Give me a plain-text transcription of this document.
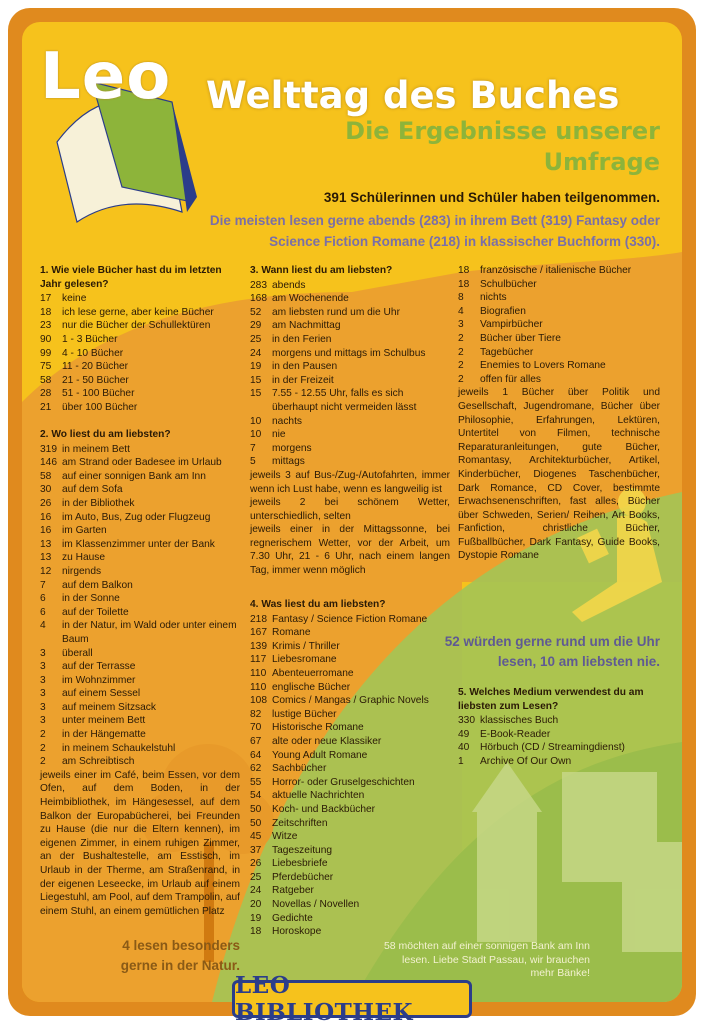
Leo Welttag des Buches
Die Ergebnisse unserer Umfrage
391 Schülerinnen und Schüler haben teilgenommen.
Die meisten lesen gerne abends (283) in ihrem Bett (319) Fantasy oder Science Fiction Romane (218) in klassischer Buchform (330).
1. Wie viele Bücher hast du im letzten Jahr gelesen?
17	keine
18	ich lese gerne, aber keine Bücher
23	nur die Bücher der Schullektüren
90	1 - 3 Bücher
99	4 - 10 Bücher
75	11 - 20 Bücher
58	21 - 50 Bücher
28	51 - 100 Bücher
21	über 100 Bücher
2. Wo liest du am liebsten?
319 in meinem Bett
146 am Strand oder Badesee im Urlaub
58	auf einer sonnigen Bank am Inn
30	auf dem Sofa
26	in der Bibliothek
16	im Auto, Bus, Zug oder Flugzeug
16	im Garten
13	im Klassenzimmer unter der Bank
13	zu Hause
12	nirgends
7	auf dem Balkon
6	in der Sonne
6	auf der Toilette
4	in der Natur, im Wald oder unter einem Baum
3	überall
3	auf der Terrasse
3	im Wohnzimmer
3	auf einem Sessel
3	auf meinem Sitzsack
3	unter meinem Bett
2	in der Hängematte
2	in meinem Schaukelstuhl
2	am Schreibtisch
jeweils einer im Café, beim Essen, vor dem Ofen, auf dem Boden, in der Heimbibliothek, im Hängesessel, auf dem Balkon der Europabücherei, bei Freunden zu Hause (die nur die Eltern kennen), im eigenen Zimmer, in einem ruhigen Zimmer, an der Bushaltestelle, am Esstisch, im Urlaub in der Therme, am Straßenrand, in der eigenen Leseecke, im Urlaub auf einem Liegestuhl, am Pool, auf dem Trampolin, auf einem Stuhl, an einem gemütlichen Platz
3. Wann liest du am liebsten?
283 abends
168 am Wochenende
52	am liebsten rund um die Uhr
29	am Nachmittag
25	in den Ferien
24	morgens und mittags im Schulbus
19	in den Pausen
15	in der Freizeit
15	7.55 - 12.55 Uhr, falls es sich überhaupt nicht vermeiden lässt
10	nachts
10	nie
7	morgens
5	mittags
jeweils 3 auf Bus-/Zug-/Autofahrten, immer wenn ich Lust habe, wenn es langweilig ist
jeweils 2 bei schönem Wetter, unterschiedlich, selten
jeweils einer in der Mittagssonne, bei regnerischem Wetter, vor der Arbeit, um 7.30 Uhr, 21 - 6 Uhr, nach einem langen Tag, immer wenn möglich
4. Was liest du am liebsten?
218 Fantasy / Science Fiction Romane
167 Romane
139 Krimis / Thriller
117 Liebesromane
110 Abenteuerromane
110 englische Bücher
108 Comics / Mangas / Graphic Novels
82	lustige Bücher
70	Historische Romane
67	alte oder neue Klassiker
64	Young Adult Romane
62	Sachbücher
55	Horror- oder Gruselgeschichten
54	aktuelle Nachrichten
50	Koch- und Backbücher
50	Zeitschriften
45	Witze
37	Tageszeitung
26	Liebesbriefe
25	Pferdebücher
24	Ratgeber
20	Novellas / Novellen
19	Gedichte
18	Horoskope
18	französische / italienische Bücher
18	Schulbücher
8	nichts
4	Biografien
3	Vampirbücher
2	Bücher über Tiere
2	Tagebücher
2	Enemies to Lovers Romane
2	offen für alles
jeweils 1 Bücher über Politik und Gesellschaft, Jugendromane, Bücher über Philosophie, Erfahrungen, Lektüren, Untertitel von Filmen, technische Reparaturanleitungen, gute Bücher, Romantasy, Architekturbücher, Artikel, Kinderbücher, Diogenes Taschenbücher, Dark Romance, CD Cover, bestimmte Erwachsenenschriften, fast alles, Bücher über Schweden, Serien/ Reihen, Art Books, Fanfiction, christliche Bücher, Fußballbücher, Dark Fantasy, Guide Books, Dystopie Romane
52 würden gerne rund um die Uhr lesen, 10 am liebsten nie.
5. Welches Medium verwendest du am liebsten zum Lesen?
330 klassisches Buch
49	E-Book-Reader
40	Hörbuch (CD / Streamingdienst)
1	Archive Of Our Own
4 lesen besonders gerne in der Natur.
58 möchten auf einer sonnigen Bank am Inn lesen. Liebe Stadt Passau, wir brauchen mehr Bänke!
LEO BIBLIOTHEK
